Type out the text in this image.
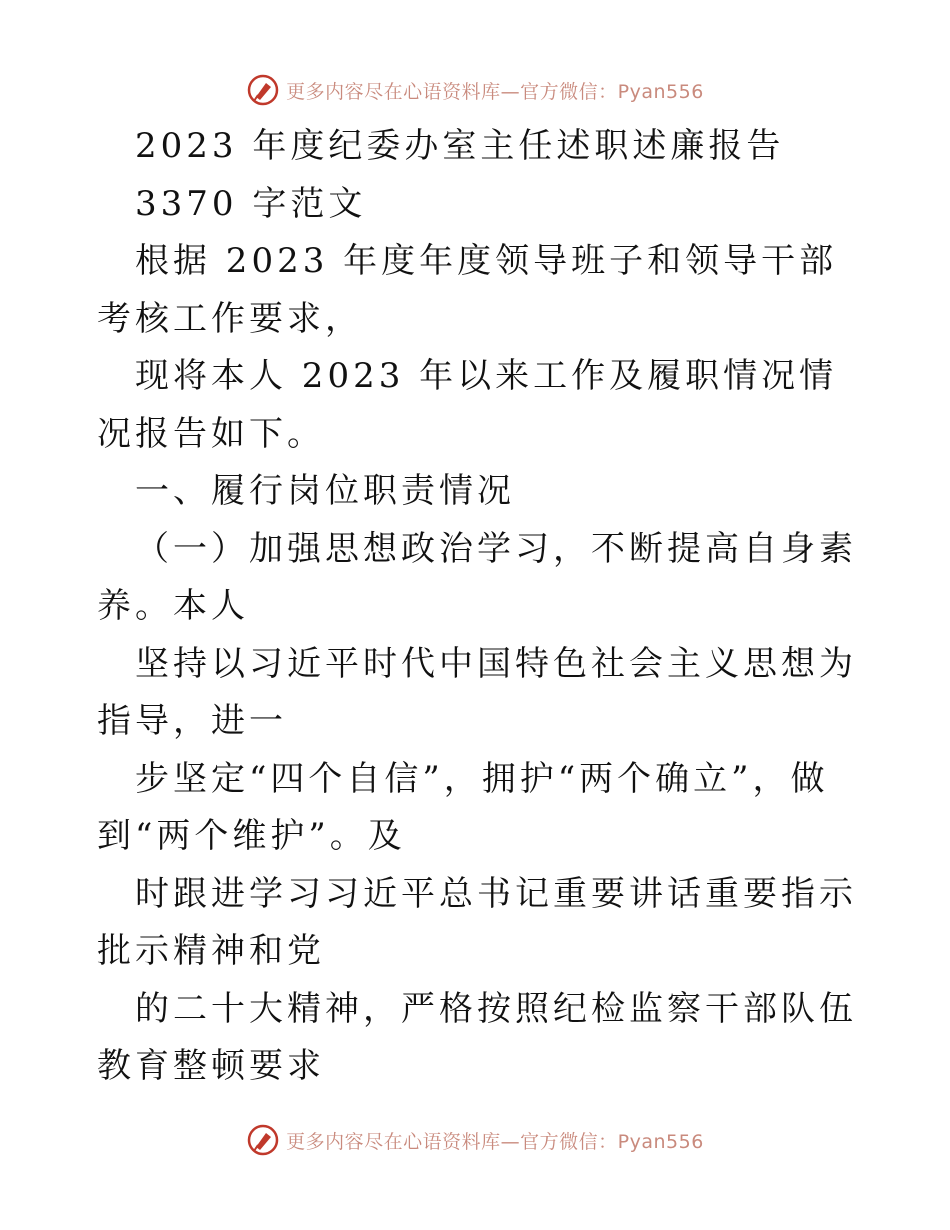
更多内容尽在心语资料库—官方微信：Pyan556

2023 年度纪委办室主任述职述廉报告

3370 字范文

根据 2023 年度年度领导班子和领导干部考核工作要求，

现将本人 2023 年以来工作及履职情况情况报告如下。

一、履行岗位职责情况

（一）加强思想政治学习，不断提高自身素养。本人

坚持以习近平时代中国特色社会主义思想为指导，进一

步坚定“四个自信”，拥护“两个确立”，做到“两个维护”。及

时跟进学习习近平总书记重要讲话重要指示批示精神和党

的二十大精神，严格按照纪检监察干部队伍教育整顿要求

更多内容尽在心语资料库—官方微信：Pyan556
